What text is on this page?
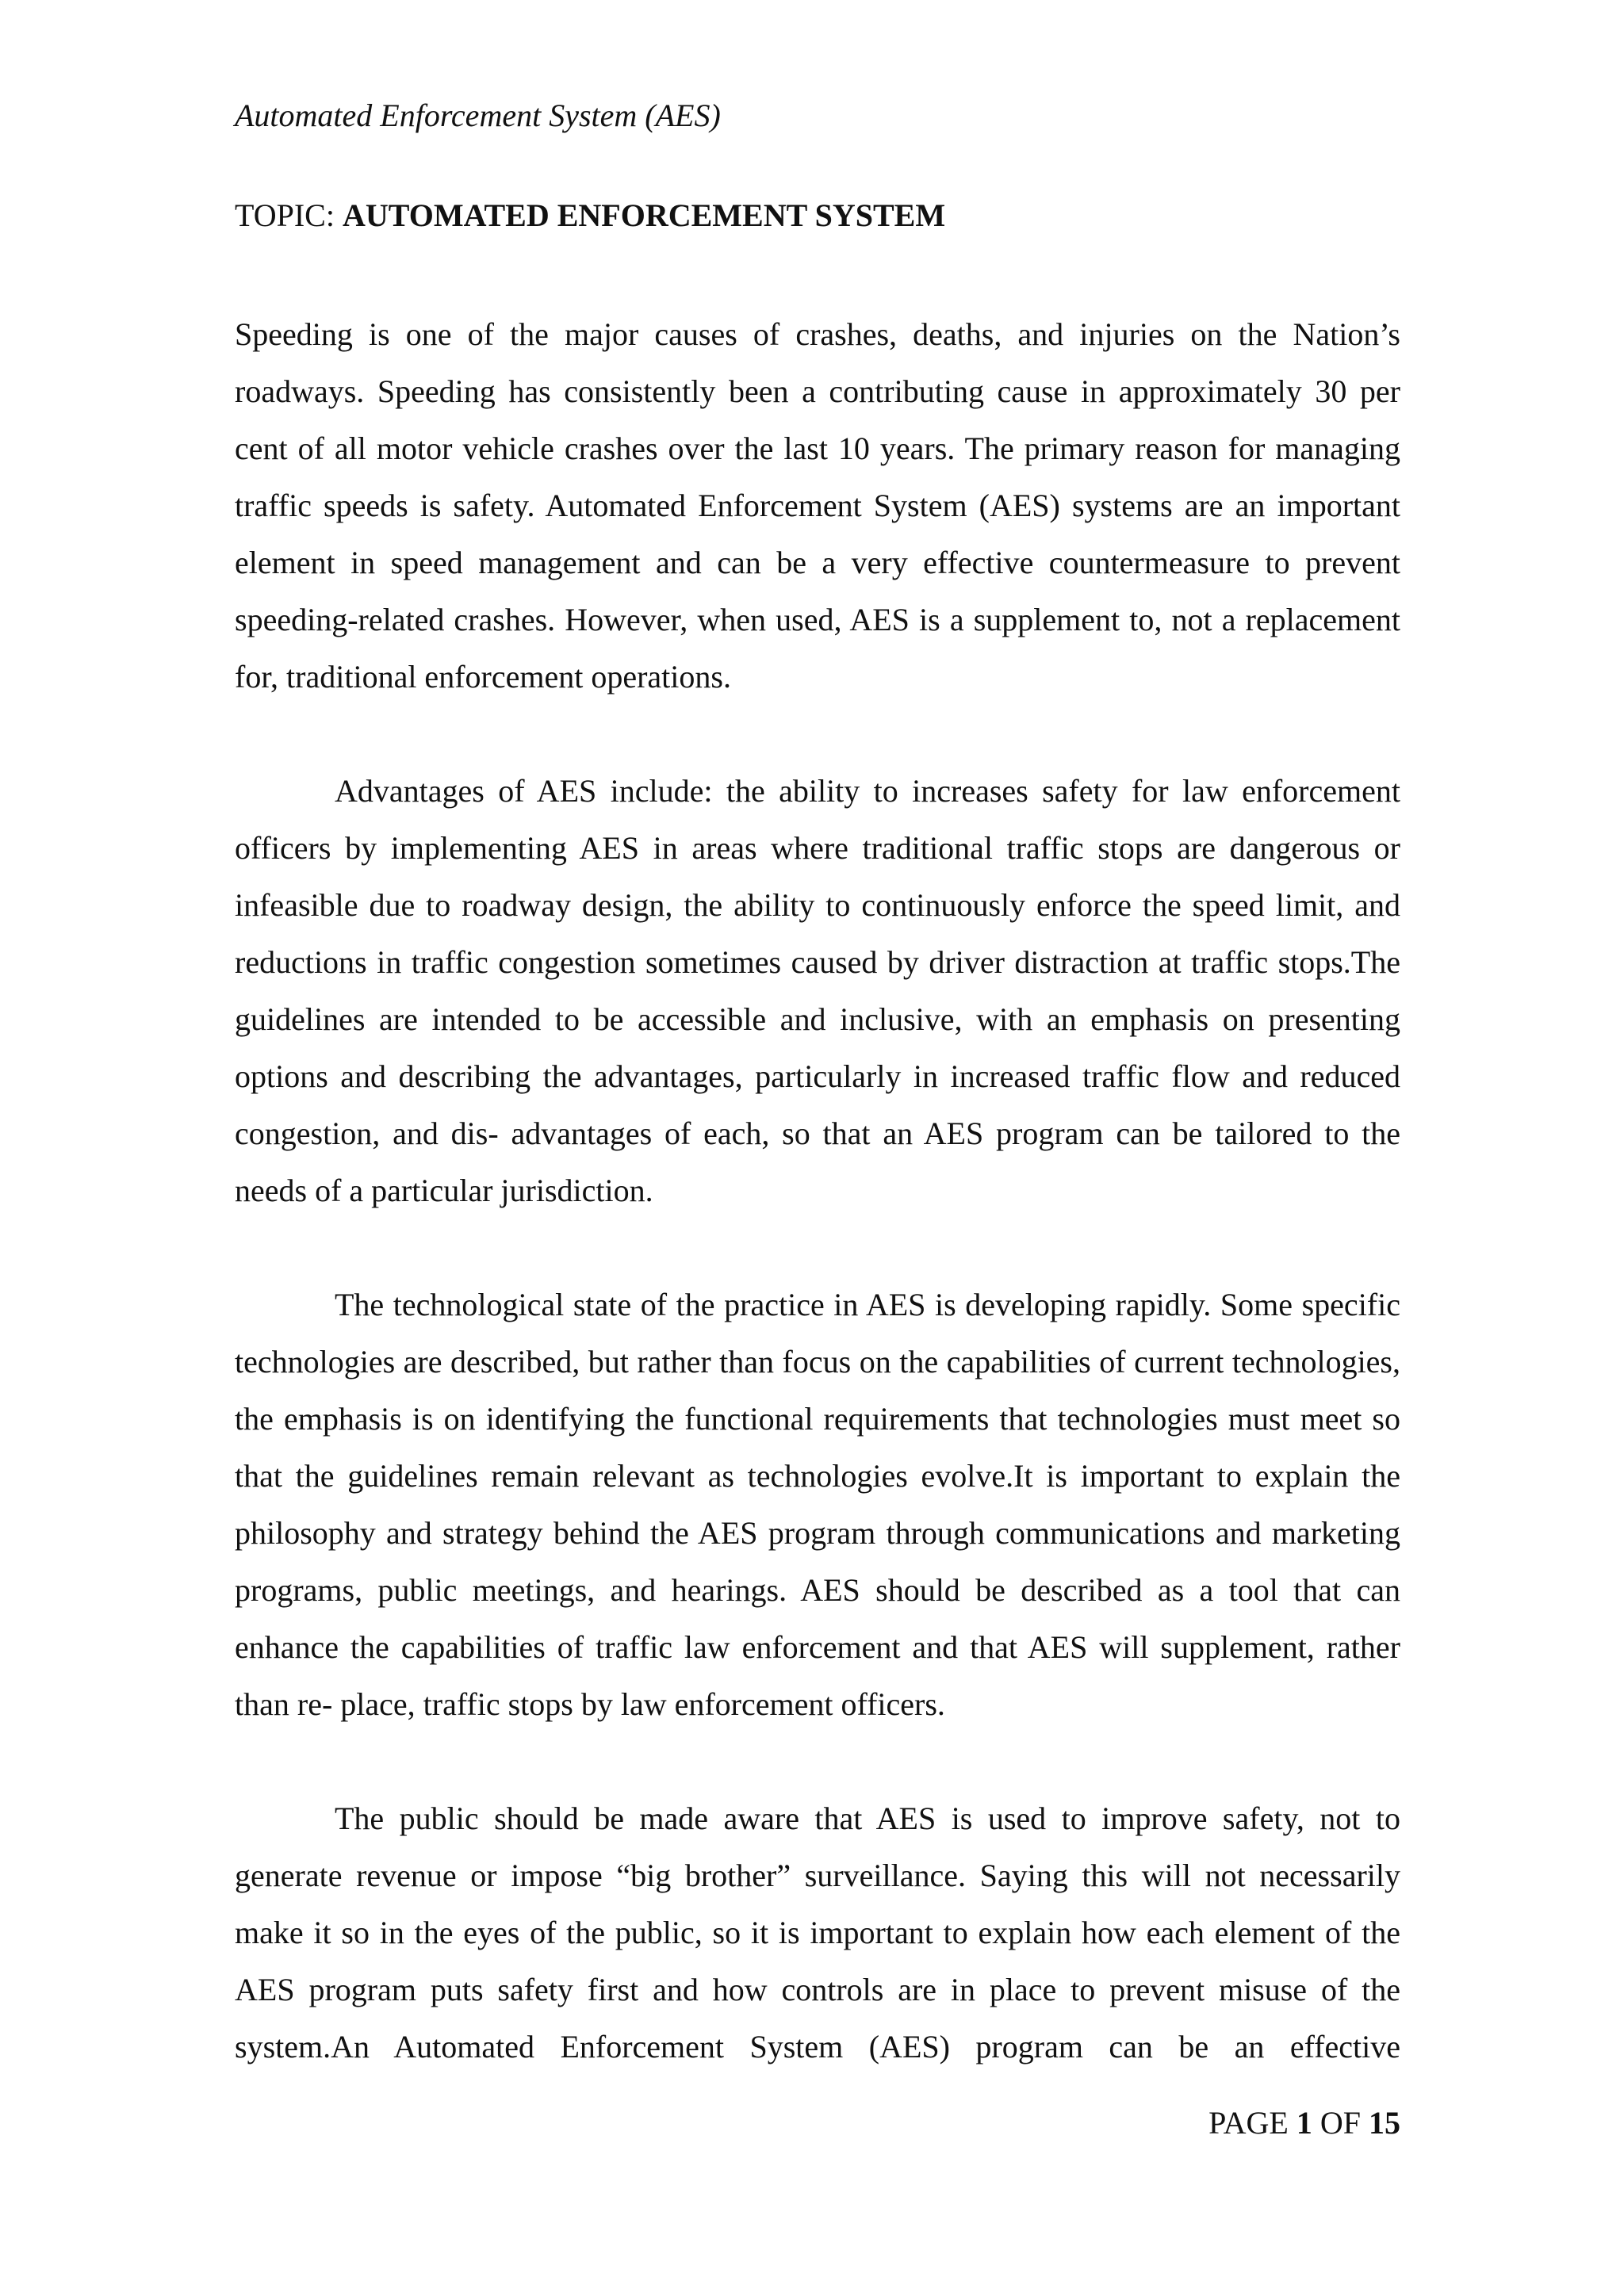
Automated Enforcement System (AES)
TOPIC: AUTOMATED ENFORCEMENT SYSTEM

Speeding is one of the major causes of crashes, deaths, and injuries on the Nation’s roadways. Speeding has consistently been a contributing cause in approximately 30 per cent of all motor vehicle crashes over the last 10 years. The primary reason for managing traffic speeds is safety. Automated Enforcement System (AES) systems are an important element in speed management and can be a very effective countermeasure to prevent speeding-related crashes. However, when used, AES is a supplement to, not a replacement for, traditional enforcement operations.

Advantages of AES include: the ability to increases safety for law enforcement officers by implementing AES in areas where traditional traffic stops are dangerous or infeasible due to roadway design, the ability to continuously enforce the speed limit, and reductions in traffic congestion sometimes caused by driver distraction at traffic stops.The guidelines are intended to be accessible and inclusive, with an emphasis on presenting options and describing the advantages, particularly in increased traffic flow and reduced congestion, and dis- advantages of each, so that an AES program can be tailored to the needs of a particular jurisdiction.

The technological state of the practice in AES is developing rapidly. Some specific technologies are described, but rather than focus on the capabilities of current technologies, the emphasis is on identifying the functional requirements that technologies must meet so that the guidelines remain relevant as technologies evolve.It is important to explain the philosophy and strategy behind the AES program through communications and marketing programs, public meetings, and hearings. AES should be described as a tool that can enhance the capabilities of traffic law enforcement and that AES will supplement, rather than re- place, traffic stops by law enforcement officers.

The public should be made aware that AES is used to improve safety, not to generate revenue or impose “big brother” surveillance. Saying this will not necessarily make it so in the eyes of the public, so it is important to explain how each element of the AES program puts safety first and how controls are in place to prevent misuse of the system.An Automated Enforcement System (AES) program can be an effective

PAGE 1 OF 15
